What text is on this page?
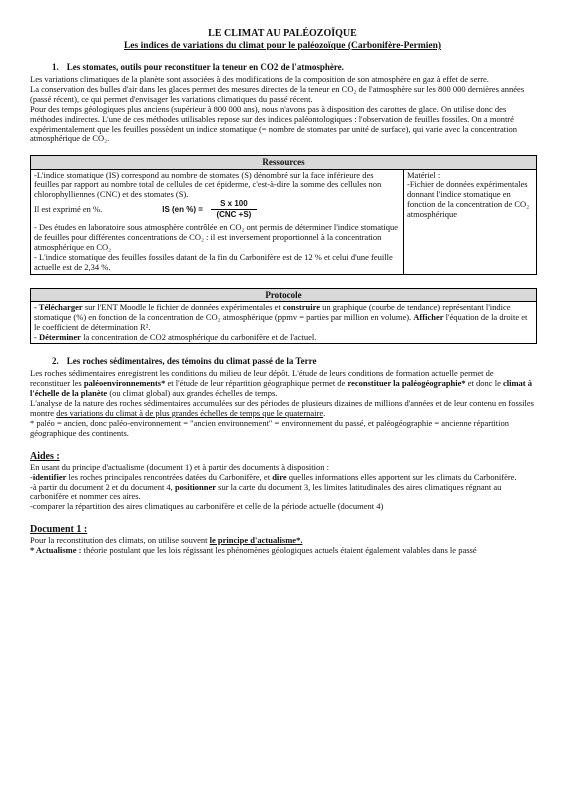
LE CLIMAT AU PALÉOZOÏQUE
Les indices de variations du climat pour le paléozoïque (Carbonifère-Permien)
1. Les stomates, outils pour reconstituer la teneur en CO2 de l'atmosphère.

Les variations climatiques de la planète sont associées à des modifications de la composition de son atmosphère en gaz à effet de serre.

La conservation des bulles d'air dans les glaces permet des mesures directes de la teneur en CO₂ de l'atmosphère sur les 800 000 dernières années (passé récent), ce qui permet d'envisager les variations climatiques du passé récent.

Pour des temps géologiques plus anciens (supérieur à 800 000 ans), nous n'avons pas à disposition des carottes de glace. On utilise donc des méthodes indirectes. L'une de ces méthodes utilisables repose sur des indices paléontologiques : l'observation de feuilles fossiles. On a montré expérimentalement que les feuilles possèdent un indice stomatique (= nombre de stomates par unité de surface), qui varie avec la concentration atmosphérique de CO₂.

Ressources

-L'indice stomatique (IS) correspond au nombre de stomates (S) dénombré sur la face inférieure des feuilles par rapport au nombre total de cellules de cet épiderme, c'est-à-dire la somme des cellules non chlorophylliennes (CNC) et des stomates (S).

Il est exprimé en %.	IS (en %) =
S x 100
(CNC +S)

- Des études en laboratoire sous atmosphère contrôlée en CO₂ ont permis de déterminer l'indice stomatique de feuilles pour différentes concentrations de CO₂ : il est inversement proportionnel à la concentration atmosphérique en CO₂

- L'indice stomatique des feuilles fossiles datant de la fin du Carbonifère est de 12 % et celui d'une feuille actuelle est de 2,34 %.

Matériel :

-Fichier de données expérimentales donnant l'indice stomatique en fonction de la concentration de CO₂ atmosphérique

Protocole

- Télécharger sur l'ENT Moodle le fichier de données expérimentales et construire un graphique (courbe de tendance) représentant l'indice stomatique (%) en fonction de la concentration de CO₂ atmosphérique (ppmv = parties par million en volume). Afficher l'équation de la droite et le coefficient de détermination R².

- Déterminer la concentration de CO2 atmosphérique du carbonifère et de l'actuel.

2. Les roches sédimentaires, des témoins du climat passé de la Terre

Les roches sédimentaires enregistrent les conditions du milieu de leur dépôt. L'étude de leurs conditions de formation actuelle permet de reconstituer les paléoenvironnements* et l'étude de leur répartition géographique permet de reconstituer la paléogéographie* et donc le climat à l'échelle de la planète (ou climat global) aux grandes échelles de temps.

L'analyse de la nature des roches sédimentaires accumulées sur des périodes de plusieurs dizaines de millions d'années et de leur contenu en fossiles montre des variations du climat à de plus grandes échelles de temps que le quaternaire.

* paléo = ancien, donc paléo-environnement = "ancien environnement" = environnement du passé, et paléogéographie = ancienne répartition géographique des continents.

Aides :

En usant du principe d'actualisme (document 1) et à partir des documents à disposition :

-identifier les roches principales rencontrées datées du Carbonifère, et dire quelles informations elles apportent sur les climats du Carbonifère.

-à partir du document 2 et du document 4, positionner sur la carte du document 3, les limites latitudinales des aires climatiques régnant au carbonifère et nommer ces aires.

-comparer la répartition des aires climatiques au carbonifère et celle de la période actuelle (document 4)

Document 1 :

Pour la reconstitution des climats, on utilise souvent le principe d'actualisme*.

* Actualisme : théorie postulant que les lois régissant les phénomènes géologiques actuels étaient également valables dans le passé
